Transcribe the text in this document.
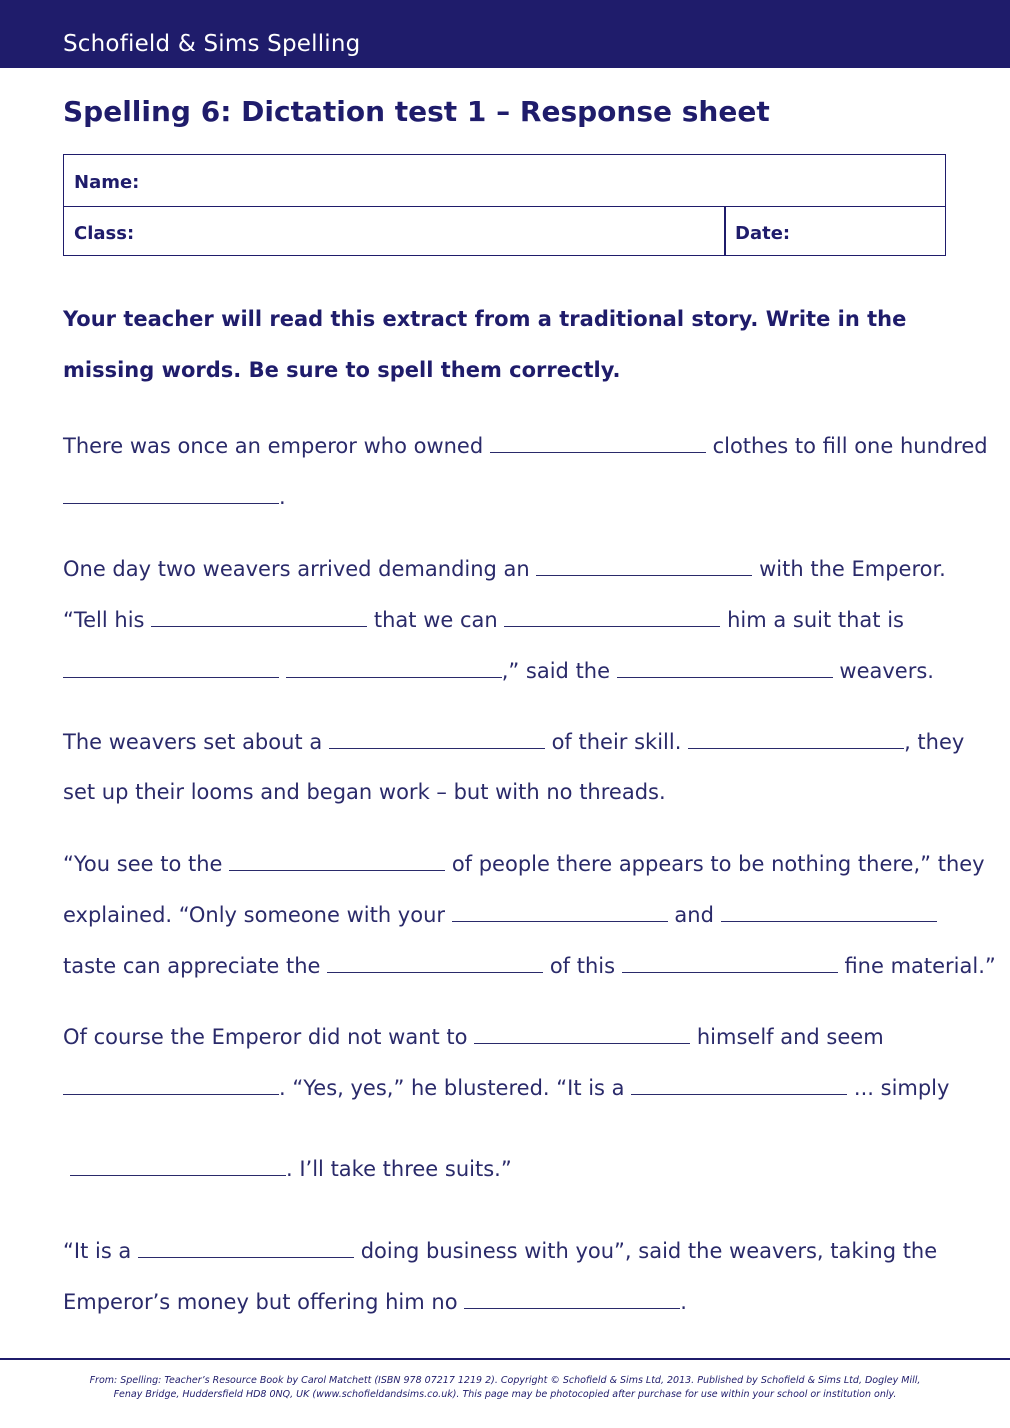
Schofield & Sims Spelling
Spelling 6: Dictation test 1 – Response sheet
Name:
Class:	Date:

Your teacher will read this extract from a traditional story. Write in the missing words. Be sure to spell them correctly.

There was once an emperor who owned	clothes to fill one hundred
.
One day two weavers arrived demanding an	with the Emperor.
“Tell his	that we can	him a suit that is
,” said the	weavers.
The weavers set about a	of their skill.	, they
set up their looms and began work – but with no threads.
“You see to the	of people there appears to be nothing there,” they
explained. “Only someone with your	and
taste can appreciate the	of this	fine material.”
Of course the Emperor did not want to	himself and seem
. “Yes, yes,” he blustered. “It is a	... simply
. I’ll take three suits.”
“It is a	doing business with you”, said the weavers, taking the
Emperor’s money but offering him no	.

From: Spelling: Teacher’s Resource Book by Carol Matchett (ISBN 978 07217 1219 2). Copyright © Schofield & Sims Ltd, 2013. Published by Schofield & Sims Ltd, Dogley Mill,
Fenay Bridge, Huddersfield HD8 0NQ, UK (www.schofieldandsims.co.uk). This page may be photocopied after purchase for use within your school or institution only.
